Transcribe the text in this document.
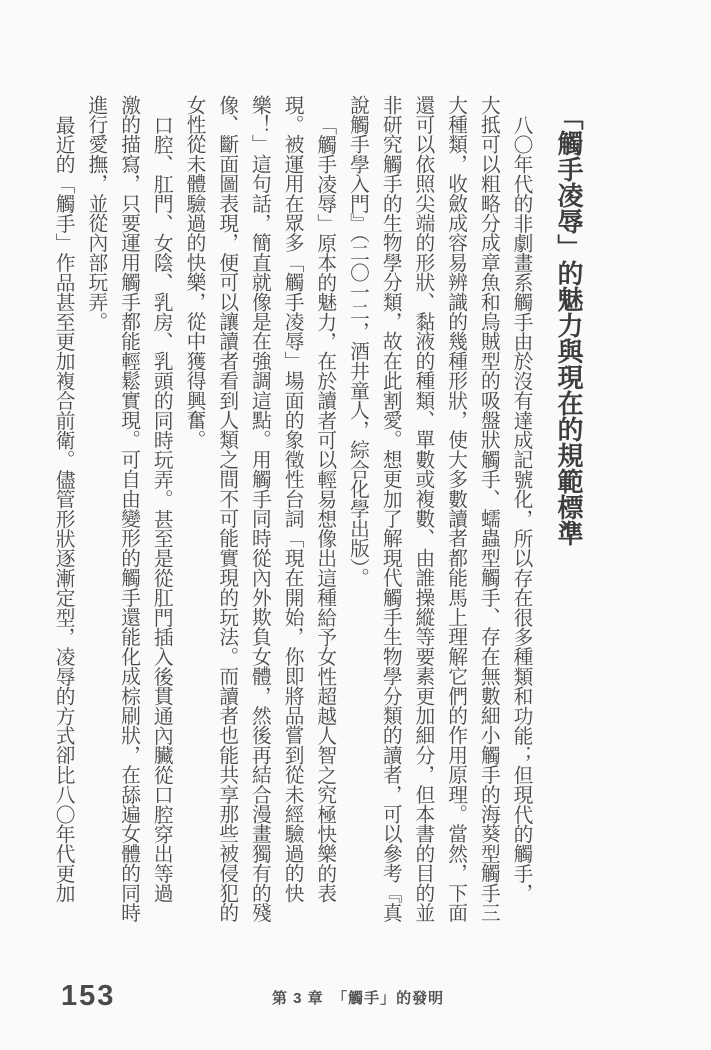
「觸手凌辱」的魅力與現在的規範標準
八〇年代的非劇畫系觸手由於沒有達成記號化，所以存在很多種類和功能；但現代的觸手，
大抵可以粗略分成章魚和烏賊型的吸盤狀觸手、蠕蟲型觸手、存在無數細小觸手的海葵型觸手三
大種類，收斂成容易辨識的幾種形狀，使大多數讀者都能馬上理解它們的作用原理。當然，下面
還可以依照尖端的形狀、黏液的種類、單數或複數、由誰操縱等要素更加細分，但本書的目的並
非研究觸手的生物學分類，故在此割愛。想更加了解現代觸手生物學分類的讀者，可以參考『真
說觸手學入門』（二〇一二，酒井童人，綜合化學出版）。
「觸手凌辱」原本的魅力，在於讀者可以輕易想像出這種給予女性超越人智之究極快樂的表
現。被運用在眾多「觸手凌辱」場面的象徵性台詞「現在開始，你即將品嘗到從未經驗過的快
樂！」這句話，簡直就像是在強調這點。用觸手同時從內外欺負女體，然後再結合漫畫獨有的殘
像、斷面圖表現，便可以讓讀者看到人類之間不可能實現的玩法。而讀者也能共享那些被侵犯的
女性從未體驗過的快樂，從中獲得興奮。
口腔、肛門、女陰、乳房、乳頭的同時玩弄。甚至是從肛門插入後貫通內臟從口腔穿出等過
激的描寫，只要運用觸手都能輕鬆實現。可自由變形的觸手還能化成棕刷狀，在舔遍女體的同時
進行愛撫，並從內部玩弄。
最近的「觸手」作品甚至更加複合前衛。儘管形狀逐漸定型，凌辱的方式卻比八〇年代更加
153	第 3 章　「觸手」的發明
